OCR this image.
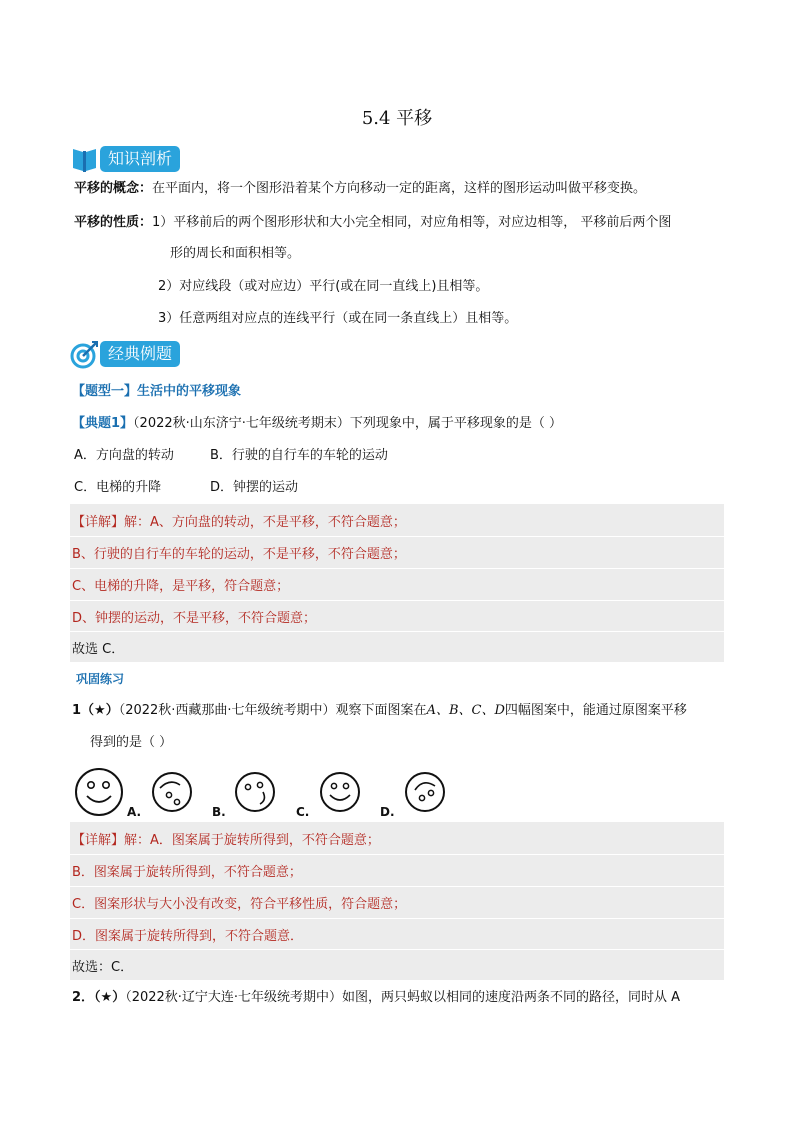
5.4 平移
知识剖析
平移的概念：在平面内，将一个图形沿着某个方向移动一定的距离，这样的图形运动叫做平移变换。
平移的性质：1）平移前后的两个图形形状和大小完全相同，对应角相等，对应边相等， 平移前后两个图
形的周长和面积相等。
2）对应线段（或对应边）平行(或在同一直线上)且相等。
3）任意两组对应点的连线平行（或在同一条直线上）且相等。
经典例题
【题型一】生活中的平移现象
【典题1】（2022秋·山东济宁·七年级统考期末）下列现象中，属于平移现象的是（ ）
A．方向盘的转动	B．行驶的自行车的车轮的运动
C．电梯的升降	D．钟摆的运动
【详解】解：A、方向盘的转动，不是平移，不符合题意；
B、行驶的自行车的车轮的运动，不是平移，不符合题意；
C、电梯的升降，是平移，符合题意；
D、钟摆的运动，不是平移，不符合题意；
故选 C．
巩固练习
1（★）（2022秋·西藏那曲·七年级统考期中）观察下面图案在A、B、C、D四幅图案中，能通过原图案平移
得到的是（ ）
A.	B.	C.	D.
【详解】解：A．图案属于旋转所得到，不符合题意；
B．图案属于旋转所得到，不符合题意；
C．图案形状与大小没有改变，符合平移性质，符合题意；
D．图案属于旋转所得到，不符合题意．
故选：C．
2．（★）（2022秋·辽宁大连·七年级统考期中）如图，两只蚂蚁以相同的速度沿两条不同的路径，同时从 A
